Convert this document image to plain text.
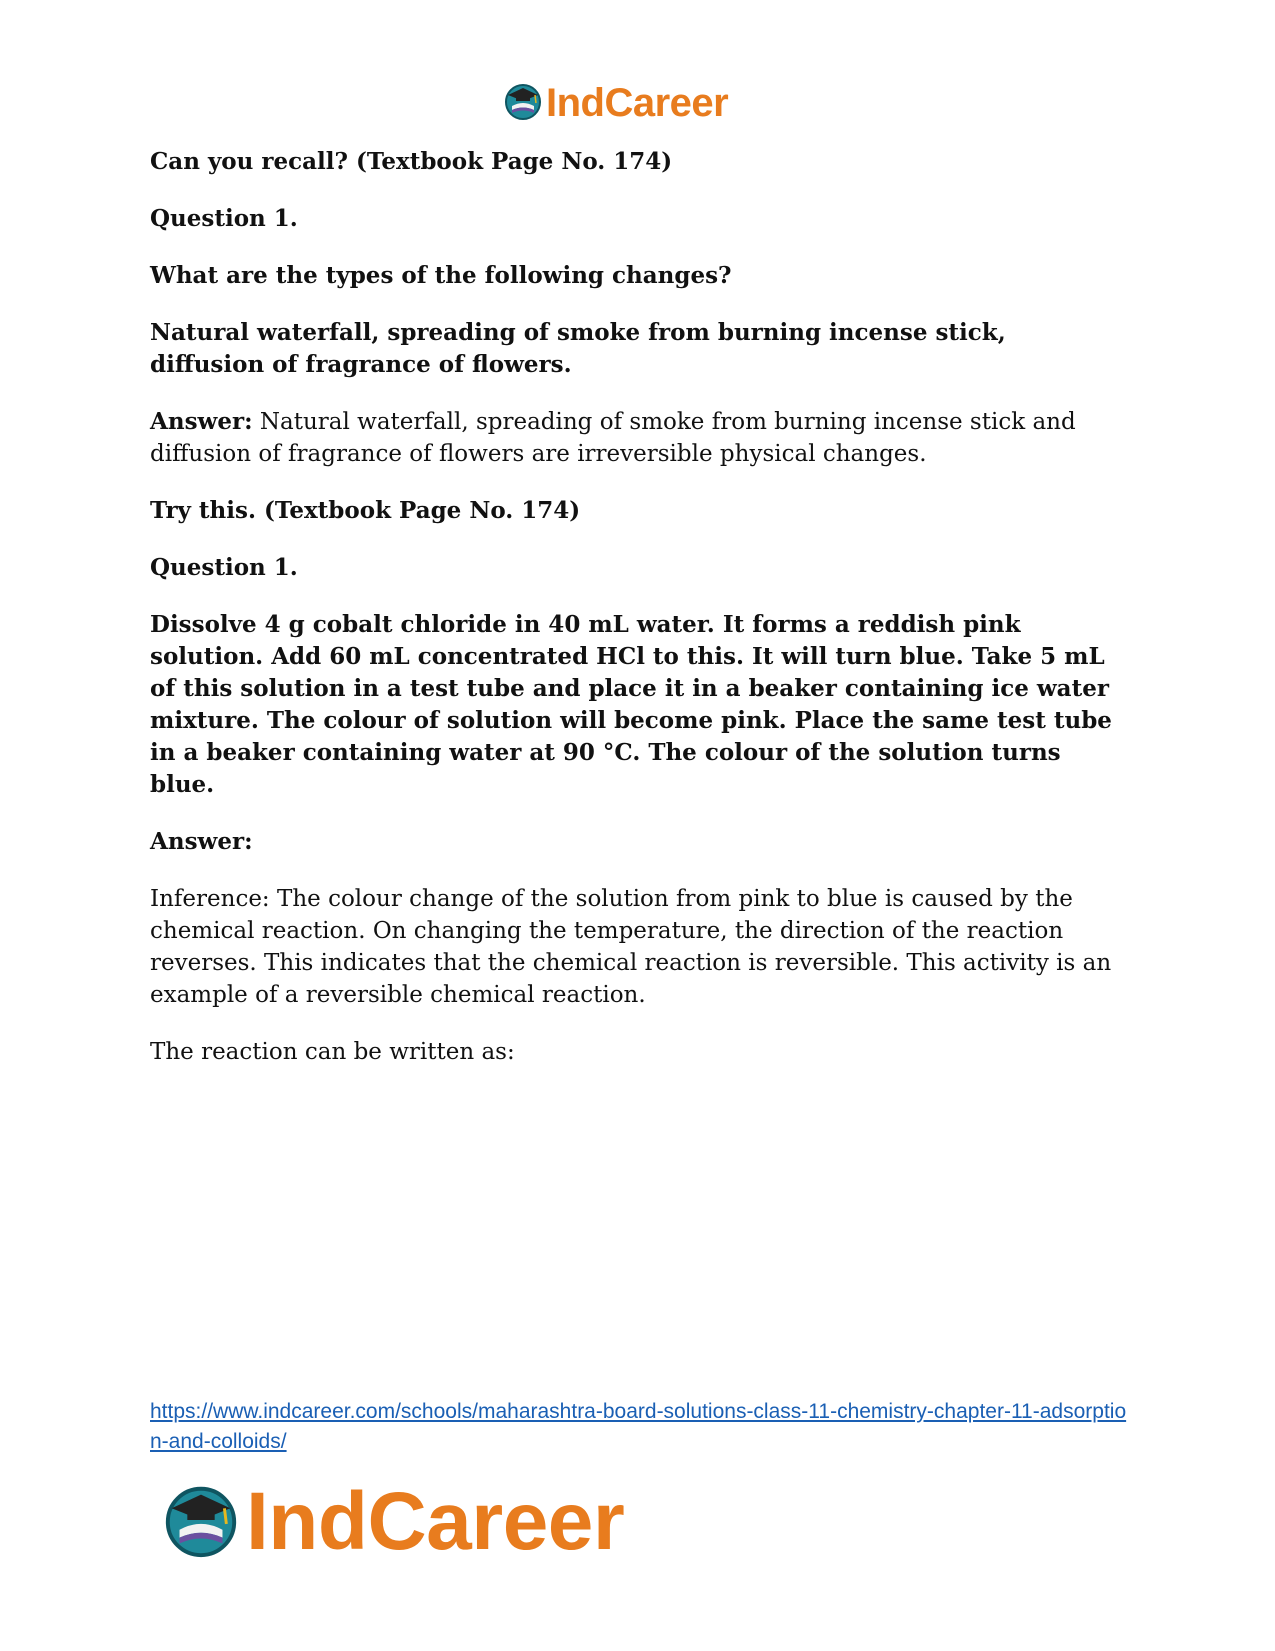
IndCareer

Can you recall? (Textbook Page No. 174)

Question 1.

What are the types of the following changes?

Natural waterfall, spreading of smoke from burning incense stick, diffusion of fragrance of flowers.

Answer: Natural waterfall, spreading of smoke from burning incense stick and diffusion of fragrance of flowers are irreversible physical changes.

Try this. (Textbook Page No. 174)

Question 1.

Dissolve 4 g cobalt chloride in 40 mL water. It forms a reddish pink solution. Add 60 mL concentrated HCl to this. It will turn blue. Take 5 mL of this solution in a test tube and place it in a beaker containing ice water mixture. The colour of solution will become pink. Place the same test tube in a beaker containing water at 90 °C. The colour of the solution turns blue.

Answer:

Inference: The colour change of the solution from pink to blue is caused by the chemical reaction. On changing the temperature, the direction of the reaction reverses. This indicates that the chemical reaction is reversible. This activity is an example of a reversible chemical reaction.

The reaction can be written as:

https://www.indcareer.com/schools/maharashtra-board-solutions-class-11-chemistry-chapter-11-adsorption-and-colloids/
IndCareer
